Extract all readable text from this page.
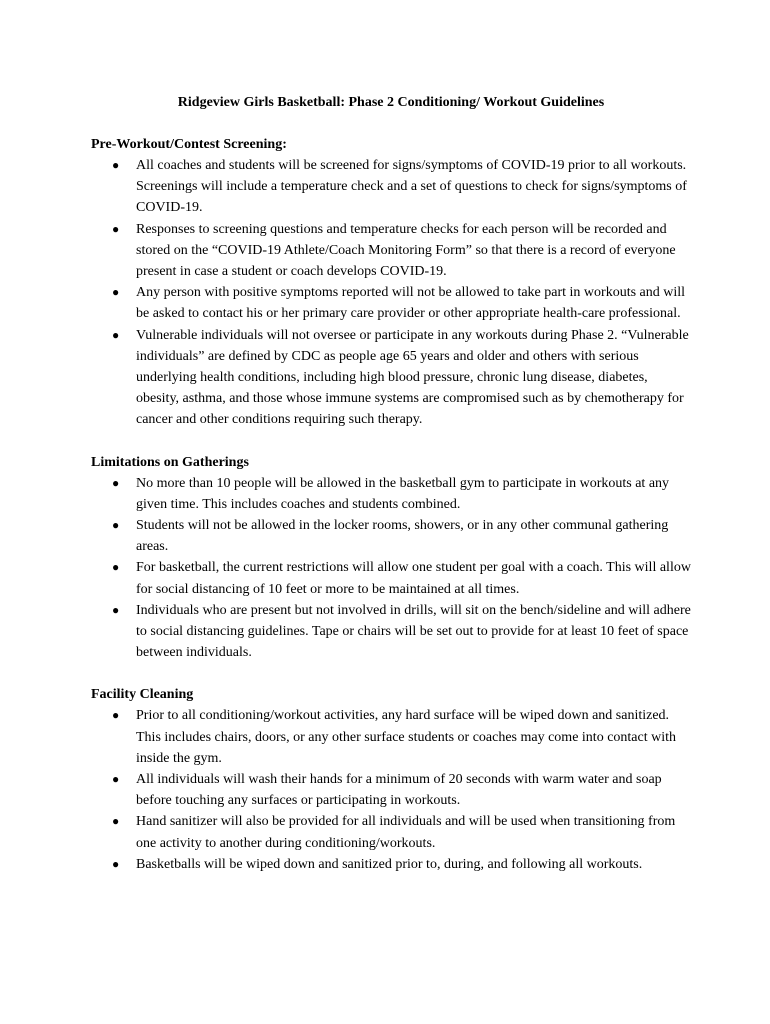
Ridgeview Girls Basketball: Phase 2 Conditioning/ Workout Guidelines
Pre-Workout/Contest Screening:
● All coaches and students will be screened for signs/symptoms of COVID-19 prior to all workouts. Screenings will include a temperature check and a set of questions to check for signs/symptoms of COVID-19.
● Responses to screening questions and temperature checks for each person will be recorded and stored on the “COVID-19 Athlete/Coach Monitoring Form” so that there is a record of everyone present in case a student or coach develops COVID-19.
● Any person with positive symptoms reported will not be allowed to take part in workouts and will be asked to contact his or her primary care provider or other appropriate health-care professional.
● Vulnerable individuals will not oversee or participate in any workouts during Phase 2. “Vulnerable individuals” are defined by CDC as people age 65 years and older and others with serious underlying health conditions, including high blood pressure, chronic lung disease, diabetes, obesity, asthma, and those whose immune systems are compromised such as by chemotherapy for cancer and other conditions requiring such therapy.
Limitations on Gatherings
● No more than 10 people will be allowed in the basketball gym to participate in workouts at any given time. This includes coaches and students combined.
● Students will not be allowed in the locker rooms, showers, or in any other communal gathering areas.
● For basketball, the current restrictions will allow one student per goal with a coach. This will allow for social distancing of 10 feet or more to be maintained at all times.
● Individuals who are present but not involved in drills, will sit on the bench/sideline and will adhere to social distancing guidelines. Tape or chairs will be set out to provide for at least 10 feet of space between individuals.
Facility Cleaning
● Prior to all conditioning/workout activities, any hard surface will be wiped down and sanitized. This includes chairs, doors, or any other surface students or coaches may come into contact with inside the gym.
● All individuals will wash their hands for a minimum of 20 seconds with warm water and soap before touching any surfaces or participating in workouts.
● Hand sanitizer will also be provided for all individuals and will be used when transitioning from one activity to another during conditioning/workouts.
● Basketballs will be wiped down and sanitized prior to, during, and following all workouts.
